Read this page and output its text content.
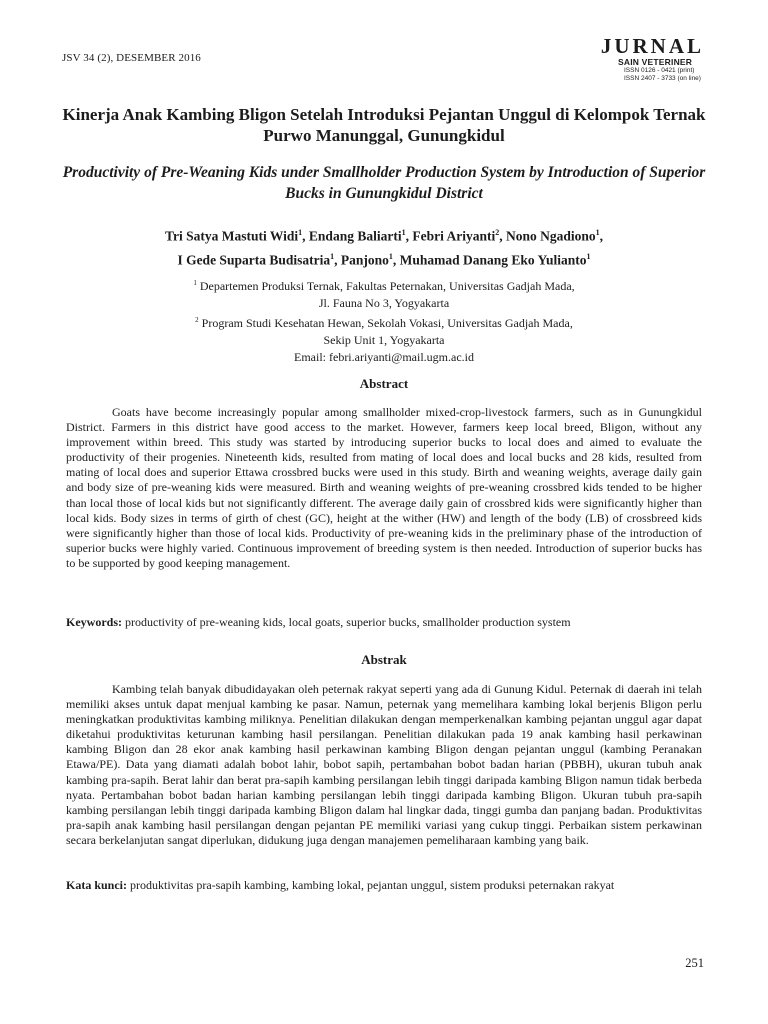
JSV 34 (2), DESEMBER 2016	JURNAL
SAIN VETERINER
ISSN 0126 - 0421 (print)
ISSN 2407 - 3733 (on line)
Kinerja Anak Kambing Bligon Setelah Introduksi Pejantan Unggul di Kelompok Ternak Purwo Manunggal, Gunungkidul
Productivity of Pre-Weaning Kids under Smallholder Production System by Introduction of Superior Bucks in Gunungkidul District
Tri Satya Mastuti Widi$^1$, Endang Baliarti$^1$, Febri Ariyanti$^2$, Nono Ngadiono$^1$,
I Gede Suparta Budisatria$^1$, Panjono$^1$, Muhamad Danang Eko Yulianto$^1$
$^1$ Departemen Produksi Ternak, Fakultas Peternakan, Universitas Gadjah Mada,
Jl. Fauna No 3, Yogyakarta
$^2$ Program Studi Kesehatan Hewan, Sekolah Vokasi, Universitas Gadjah Mada,
Sekip Unit 1, Yogyakarta
Email: febri.ariyanti@mail.ugm.ac.id
Abstract

Goats have become increasingly popular among smallholder mixed-crop-livestock farmers, such as in Gunungkidul District. Farmers in this district have good access to the market. However, farmers keep local breed, Bligon, without any improvement within breed. This study was started by introducing superior bucks to local does and aimed to evaluate the productivity of their progenies. Nineteenth kids, resulted from mating of local does and local bucks and 28 kids, resulted from mating of local does and superior Ettawa crossbred bucks were used in this study. Birth and weaning weights, average daily gain and body size of pre-weaning kids were measured. Birth and weaning weights of pre-weaning crossbred kids tended to be higher than local those of local kids but not significantly different. The average daily gain of crossbred kids were significantly higher than local kids. Body sizes in terms of girth of chest (GC), height at the wither (HW) and length of the body (LB) of crossbreed kids were significantly higher than those of local kids. Productivity of pre-weaning kids in the preliminary phase of the introduction of superior bucks were highly varied. Continuous improvement of breeding system is then needed. Introduction of superior bucks has to be supported by good keeping management.

Keywords: productivity of pre-weaning kids, local goats, superior bucks, smallholder production system
Abstrak

Kambing telah banyak dibudidayakan oleh peternak rakyat seperti yang ada di Gunung Kidul. Peternak di daerah ini telah memiliki akses untuk dapat menjual kambing ke pasar. Namun, peternak yang memelihara kambing lokal berjenis Bligon perlu meningkatkan produktivitas kambing miliknya. Penelitian dilakukan dengan memperkenalkan kambing pejantan unggul agar dapat diketahui produktivitas keturunan kambing hasil persilangan. Penelitian dilakukan pada 19 anak kambing hasil perkawinan kambing Bligon dan 28 ekor anak kambing hasil perkawinan kambing Bligon dengan pejantan unggul (kambing Peranakan Etawa/PE). Data yang diamati adalah bobot lahir, bobot sapih, pertambahan bobot badan harian (PBBH), ukuran tubuh anak kambing pra-sapih. Berat lahir dan berat pra-sapih kambing persilangan lebih tinggi daripada kambing Bligon namun tidak berbeda nyata. Pertambahan bobot badan harian kambing persilangan lebih tinggi daripada kambing Bligon. Ukuran tubuh pra-sapih kambing persilangan lebih tinggi daripada kambing Bligon dalam hal lingkar dada, tinggi gumba dan panjang badan. Produktivitas pra-sapih anak kambing hasil persilangan dengan pejantan PE memiliki variasi yang cukup tinggi. Perbaikan sistem perkawinan secara berkelanjutan sangat diperlukan, didukung juga dengan manajemen pemeliharaan kambing yang baik.

Kata kunci: produktivitas pra-sapih kambing, kambing lokal, pejantan unggul, sistem produksi peternakan rakyat
251
